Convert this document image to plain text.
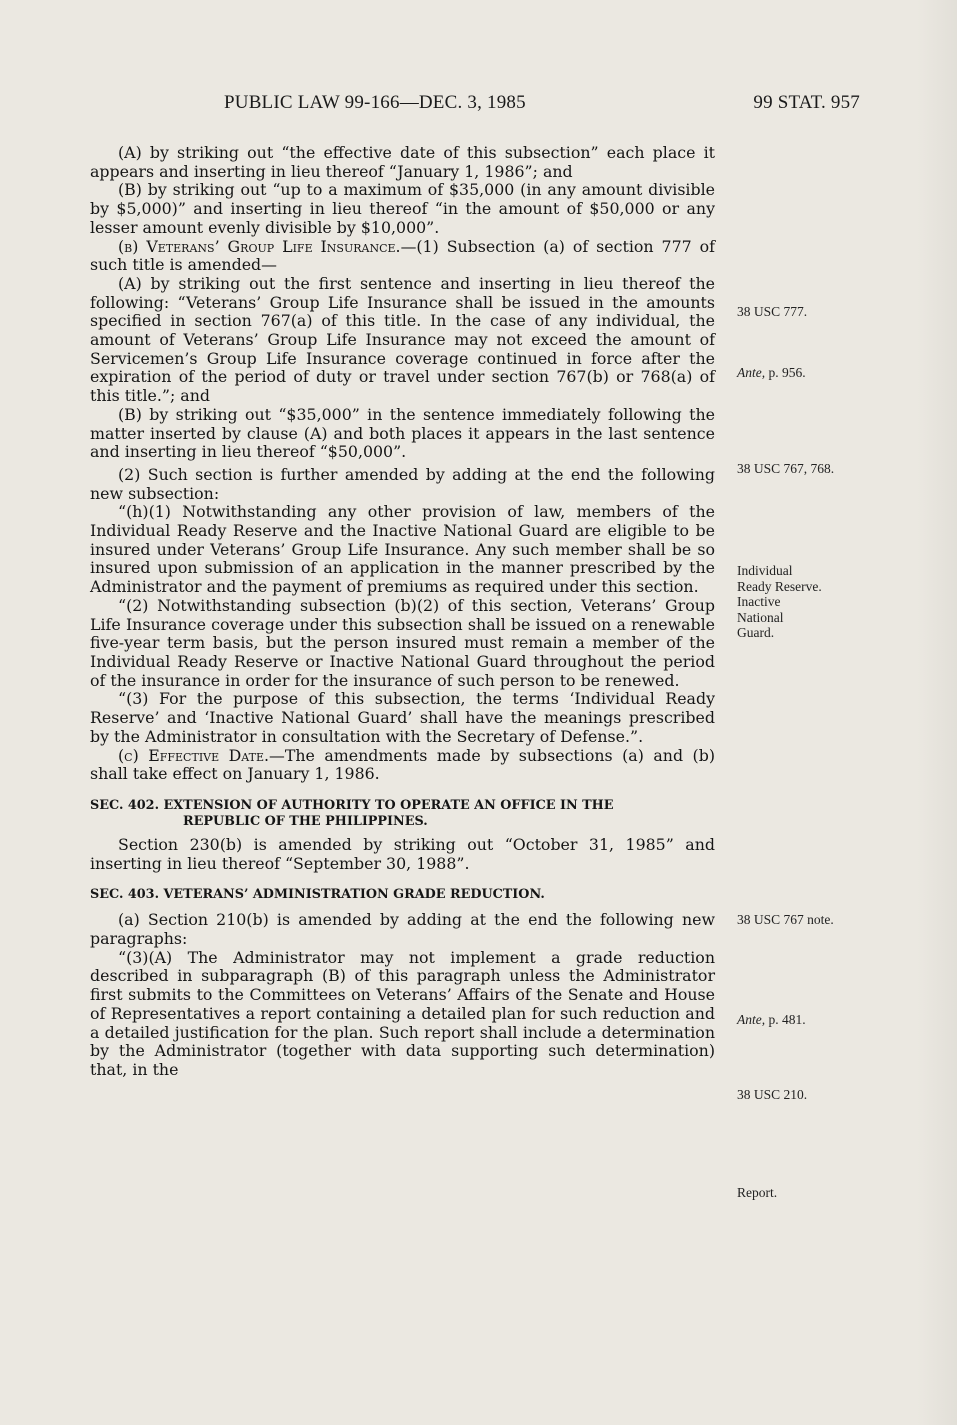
PUBLIC LAW 99-166—DEC. 3, 1985	99 STAT. 957

(A) by striking out “the effective date of this subsection” each place it appears and inserting in lieu thereof “January 1, 1986”; and

(B) by striking out “up to a maximum of $35,000 (in any amount divisible by $5,000)” and inserting in lieu thereof “in the amount of $50,000 or any lesser amount evenly divisible by $10,000”.

(b) Veterans’ Group Life Insurance.—(1) Subsection (a) of section 777 of such title is amended—

(A) by striking out the first sentence and inserting in lieu thereof the following: “Veterans’ Group Life Insurance shall be issued in the amounts specified in section 767(a) of this title. In the case of any individual, the amount of Veterans’ Group Life Insurance may not exceed the amount of Servicemen’s Group Life Insurance coverage continued in force after the expiration of the period of duty or travel under section 767(b) or 768(a) of this title.”; and

(B) by striking out “$35,000” in the sentence immediately following the matter inserted by clause (A) and both places it appears in the last sentence and inserting in lieu thereof “$50,000”.

(2) Such section is further amended by adding at the end the following new subsection:

“(h)(1) Notwithstanding any other provision of law, members of the Individual Ready Reserve and the Inactive National Guard are eligible to be insured under Veterans’ Group Life Insurance. Any such member shall be so insured upon submission of an application in the manner prescribed by the Administrator and the payment of premiums as required under this section.

“(2) Notwithstanding subsection (b)(2) of this section, Veterans’ Group Life Insurance coverage under this subsection shall be issued on a renewable five-year term basis, but the person insured must remain a member of the Individual Ready Reserve or Inactive National Guard throughout the period of the insurance in order for the insurance of such person to be renewed.

“(3) For the purpose of this subsection, the terms ‘Individual Ready Reserve’ and ‘Inactive National Guard’ shall have the meanings prescribed by the Administrator in consultation with the Secretary of Defense.”.

(c) Effective Date.—The amendments made by subsections (a) and (b) shall take effect on January 1, 1986.

SEC. 402. EXTENSION OF AUTHORITY TO OPERATE AN OFFICE IN THE
REPUBLIC OF THE PHILIPPINES.

Section 230(b) is amended by striking out “October 31, 1985” and inserting in lieu thereof “September 30, 1988”.

SEC. 403. VETERANS’ ADMINISTRATION GRADE REDUCTION.

(a) Section 210(b) is amended by adding at the end the following new paragraphs:

“(3)(A) The Administrator may not implement a grade reduction described in subparagraph (B) of this paragraph unless the Administrator first submits to the Committees on Veterans’ Affairs of the Senate and House of Representatives a report containing a detailed plan for such reduction and a detailed justification for the plan. Such report shall include a determination by the Administrator (together with data supporting such determination) that, in the

38 USC 777.
Ante, p. 956.
38 USC 767, 768.
Individual
Ready Reserve.
Inactive
National
Guard.
38 USC 767 note.
Ante, p. 481.
38 USC 210.
Report.
